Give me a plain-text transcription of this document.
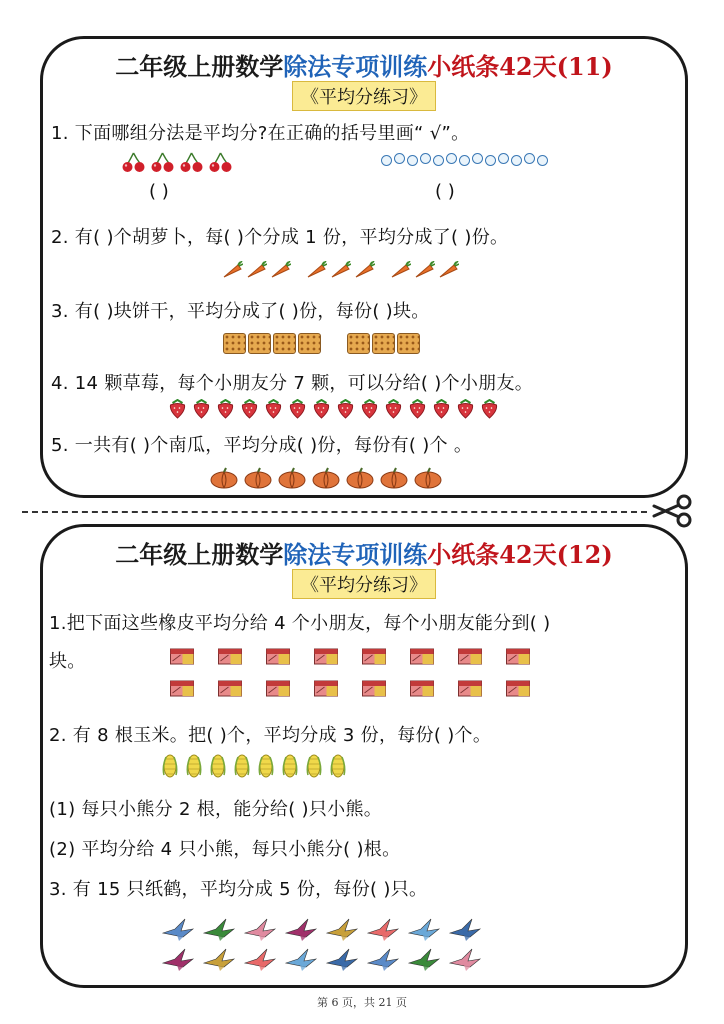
二年级上册数学除法专项训练小纸条42天(11)
《平均分练习》
1. 下面哪组分法是平均分?在正确的括号里画“ √”。
( )	( )
2. 有( )个胡萝卜，每( )个分成 1 份，平均分成了( )份。
3. 有( )块饼干，平均分成了( )份，每份( )块。
4. 14 颗草莓，每个小朋友分 7 颗，可以分给( )个小朋友。
5. 一共有( )个南瓜，平均分成( )份，每份有( )个 。
二年级上册数学除法专项训练小纸条42天(12)
《平均分练习》
1.把下面这些橡皮平均分给 4 个小朋友，每个小朋友能分到( )
块。
2. 有 8 根玉米。把( )个，平均分成 3 份，每份( )个。
(1) 每只小熊分 2 根，能分给( )只小熊。
(2) 平均分给 4 只小熊，每只小熊分( )根。
3. 有 15 只纸鹤，平均分成 5 份，每份( )只。
第 6 页，共 21 页
